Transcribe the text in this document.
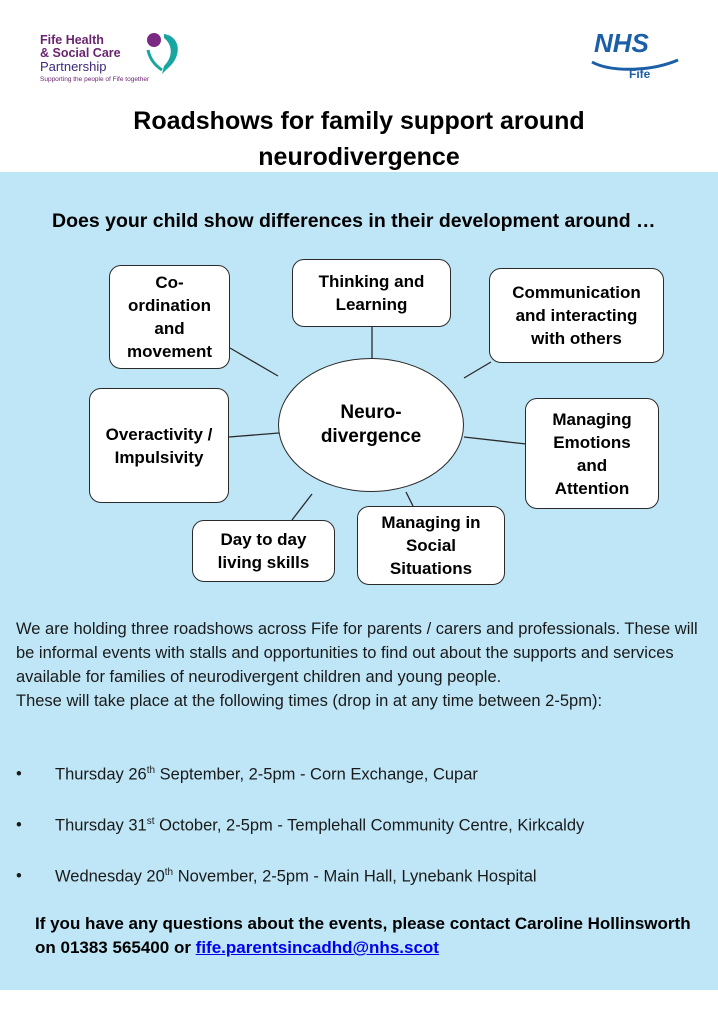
Fife Health
& Social Care
Partnership
Supporting the people of Fife together
NHS
Fife
Roadshows for family support around
neurodivergence
Does your child show differences in their development around …
Neuro-
divergence
Co-
ordination
and
movement
Thinking and
Learning
Communication
and interacting
with others
Overactivity /
Impulsivity
Managing
Emotions
and
Attention
Day to day
living skills
Managing in
Social
Situations

We are holding three roadshows across Fife for parents / carers and professionals. These will be informal events with stalls and opportunities to find out about the supports and services available for families of neurodivergent children and young people.

These will take place at the following times (drop in at any time between 2-5pm):

• Thursday 26th September, 2-5pm - Corn Exchange, Cupar
• Thursday 31st October, 2-5pm - Templehall Community Centre, Kirkcaldy
• Wednesday 20th November, 2-5pm - Main Hall, Lynebank Hospital
If you have any questions about the events, please contact Caroline Hollinsworth on 01383 565400 or fife.parentsincadhd@nhs.scot
